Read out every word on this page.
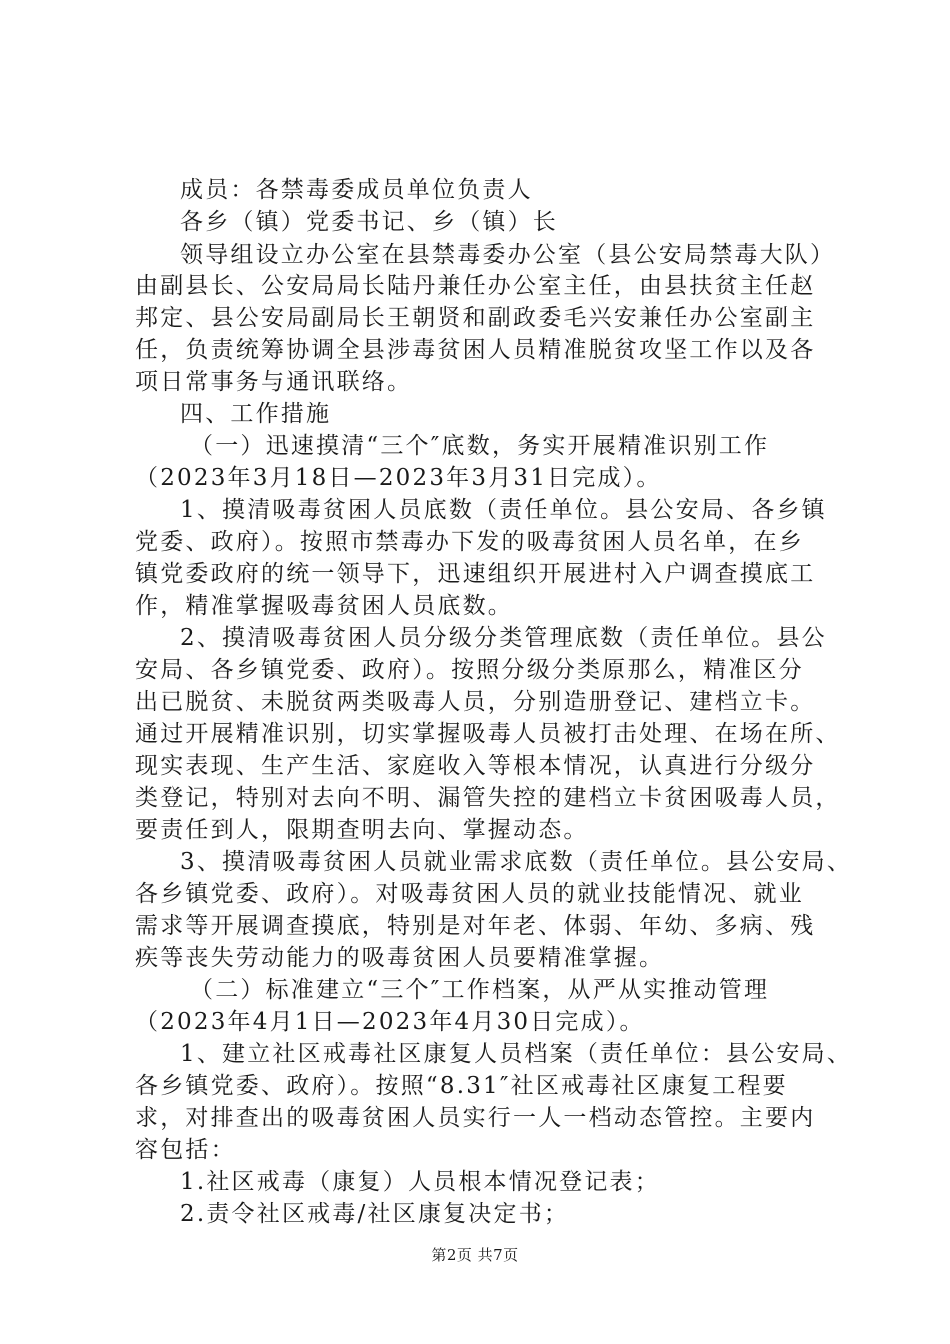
成员：各禁毒委成员单位负责人
各乡（镇）党委书记、乡（镇）长
领导组设立办公室在县禁毒委办公室（县公安局禁毒大队）
由副县长、公安局局长陆丹兼任办公室主任，由县扶贫主任赵
邦定、县公安局副局长王朝贤和副政委毛兴安兼任办公室副主
任，负责统筹协调全县涉毒贫困人员精准脱贫攻坚工作以及各
项日常事务与通讯联络。
四、工作措施
（一）迅速摸清“三个″底数，务实开展精准识别工作
（2023年3月18日—2023年3月31日完成）。
1、摸清吸毒贫困人员底数（责任单位。县公安局、各乡镇
党委、政府）。按照市禁毒办下发的吸毒贫困人员名单，在乡
镇党委政府的统一领导下，迅速组织开展进村入户调查摸底工
作，精准掌握吸毒贫困人员底数。
2、摸清吸毒贫困人员分级分类管理底数（责任单位。县公
安局、各乡镇党委、政府）。按照分级分类原那么，精准区分
出已脱贫、未脱贫两类吸毒人员，分别造册登记、建档立卡。
通过开展精准识别，切实掌握吸毒人员被打击处理、在场在所、
现实表现、生产生活、家庭收入等根本情况，认真进行分级分
类登记，特别对去向不明、漏管失控的建档立卡贫困吸毒人员，
要责任到人，限期查明去向、掌握动态。
3、摸清吸毒贫困人员就业需求底数（责任单位。县公安局、
各乡镇党委、政府）。对吸毒贫困人员的就业技能情况、就业
需求等开展调查摸底，特别是对年老、体弱、年幼、多病、残
疾等丧失劳动能力的吸毒贫困人员要精准掌握。
（二）标准建立“三个″工作档案，从严从实推动管理
（2023年4月1日—2023年4月30日完成）。
1、建立社区戒毒社区康复人员档案（责任单位：县公安局、
各乡镇党委、政府）。按照“8.31″社区戒毒社区康复工程要
求，对排查出的吸毒贫困人员实行一人一档动态管控。主要内
容包括：
1.社区戒毒（康复）人员根本情况登记表；
2.责令社区戒毒/社区康复决定书；
第2页 共7页
